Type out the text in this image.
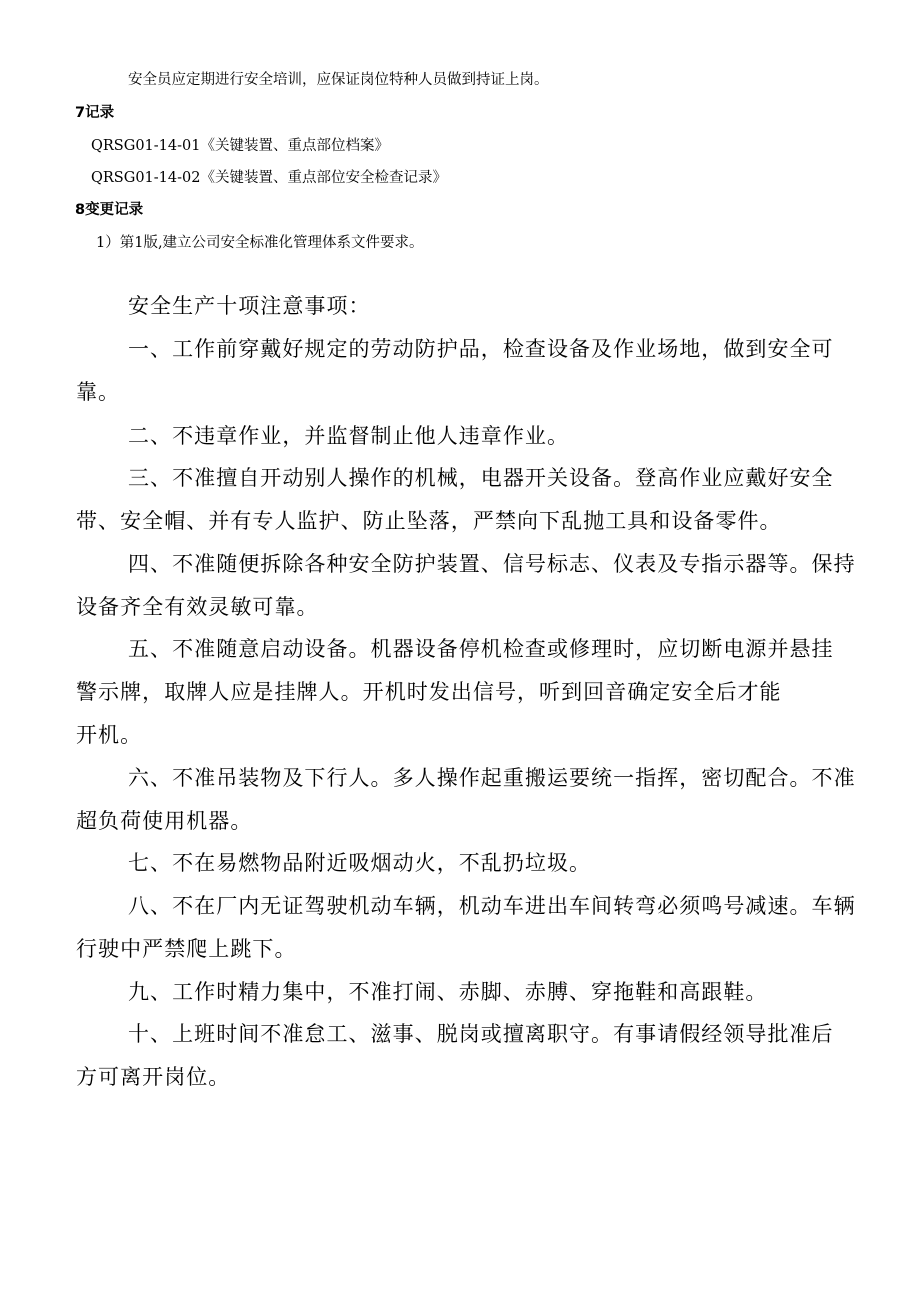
安全员应定期进行安全培训，应保证岗位特种人员做到持证上岗。
7记录
QRSG01-14-01《关键装置、重点部位档案》
QRSG01-14-02《关键装置、重点部位安全检查记录》
8变更记录
1）第1版,建立公司安全标准化管理体系文件要求。
安全生产十项注意事项：
一、工作前穿戴好规定的劳动防护品，检查设备及作业场地，做到安全可
靠。
二、不违章作业，并监督制止他人违章作业。
三、不准擅自开动别人操作的机械，电器开关设备。登高作业应戴好安全
带、安全帽、并有专人监护、防止坠落，严禁向下乱抛工具和设备零件。
四、不准随便拆除各种安全防护装置、信号标志、仪表及专指示器等。保持
设备齐全有效灵敏可靠。
五、不准随意启动设备。机器设备停机检查或修理时，应切断电源并悬挂
警示牌，取牌人应是挂牌人。开机时发出信号，听到回音确定安全后才能
开机。
六、不准吊装物及下行人。多人操作起重搬运要统一指挥，密切配合。不准
超负荷使用机器。
七、不在易燃物品附近吸烟动火，不乱扔垃圾。
八、不在厂内无证驾驶机动车辆，机动车进出车间转弯必须鸣号减速。车辆
行驶中严禁爬上跳下。
九、工作时精力集中，不准打闹、赤脚、赤膊、穿拖鞋和高跟鞋。
十、上班时间不准怠工、滋事、脱岗或擅离职守。有事请假经领导批准后
方可离开岗位。
